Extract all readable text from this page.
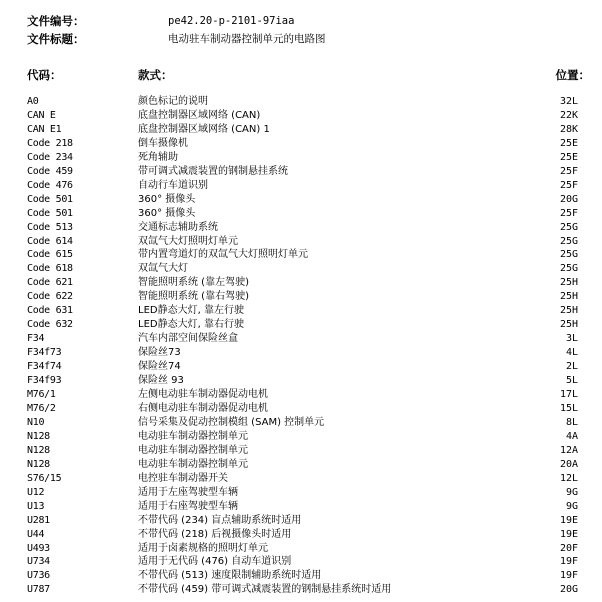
文件编号：	pe42.20-p-2101-97iaa
文件标题：	电动驻车制动器控制单元的电路图
代码：	款式：	位置：
A0	颜色标记的说明	32L
CAN E	底盘控制器区域网络 (CAN)	22K
CAN E1	底盘控制器区域网络 (CAN) 1	28K
Code 218	倒车摄像机	25E
Code 234	死角辅助	25E
Code 459	带可调式减震装置的钢制悬挂系统	25F
Code 476	自动行车道识别	25F
Code 501	360° 摄像头	20G
Code 501	360° 摄像头	25F
Code 513	交通标志辅助系统	25G
Code 614	双氙气大灯照明灯单元	25G
Code 615	带内置弯道灯的双氙气大灯照明灯单元	25G
Code 618	双氙气大灯	25G
Code 621	智能照明系统 (靠左驾驶)	25H
Code 622	智能照明系统 (靠右驾驶)	25H
Code 631	LED静态大灯, 靠左行驶	25H
Code 632	LED静态大灯, 靠右行驶	25H
F34	汽车内部空间保险丝盒	3L
F34f73	保险丝73	4L
F34f74	保险丝74	2L
F34f93	保险丝 93	5L
M76/1	左侧电动驻车制动器促动电机	17L
M76/2	右侧电动驻车制动器促动电机	15L
N10	信号采集及促动控制模组 (SAM) 控制单元	8L
N128	电动驻车制动器控制单元	4A
N128	电动驻车制动器控制单元	12A
N128	电动驻车制动器控制单元	20A
S76/15	电控驻车制动器开关	12L
U12	适用于左座驾驶型车辆	9G
U13	适用于右座驾驶型车辆	9G
U281	不带代码 (234) 盲点辅助系统时适用	19E
U44	不带代码 (218) 后视摄像头时适用	19E
U493	适用于卤素规格的照明灯单元	20F
U734	适用于无代码 (476) 自动车道识别	19F
U736	不带代码 (513) 速度限制辅助系统时适用	19F
U787	不带代码 (459) 带可调式减震装置的钢制悬挂系统时适用	20G
